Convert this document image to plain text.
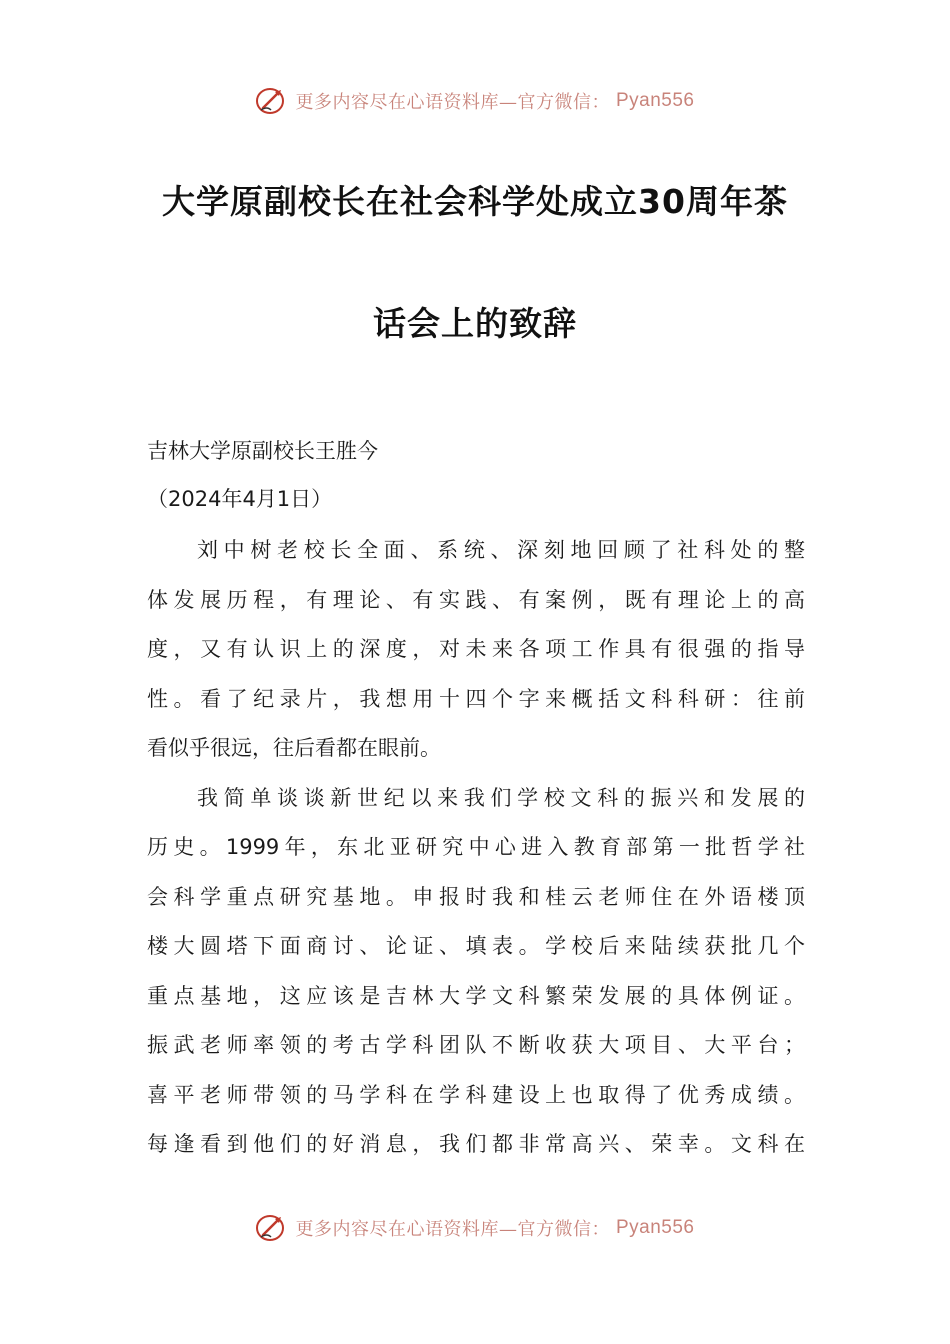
更多内容尽在心语资料库—官方微信： Pyan556
大学原副校长在社会科学处成立30周年茶
话会上的致辞
吉林大学原副校长王胜今
（2024年4月1日）
刘中树老校长全面、系统、深刻地回顾了社科处的整
体发展历程，有理论、有实践、有案例，既有理论上的高
度，又有认识上的深度，对未来各项工作具有很强的指导
性。看了纪录片，我想用十四个字来概括文科科研：往前
看似乎很远，往后看都在眼前。
我简单谈谈新世纪以来我们学校文科的振兴和发展的
历史。1999年，东北亚研究中心进入教育部第一批哲学社
会科学重点研究基地。申报时我和桂云老师住在外语楼顶
楼大圆塔下面商讨、论证、填表。学校后来陆续获批几个
重点基地，这应该是吉林大学文科繁荣发展的具体例证。
振武老师率领的考古学科团队不断收获大项目、大平台；
喜平老师带领的马学科在学科建设上也取得了优秀成绩。
每逢看到他们的好消息，我们都非常高兴、荣幸。文科在
更多内容尽在心语资料库—官方微信： Pyan556
